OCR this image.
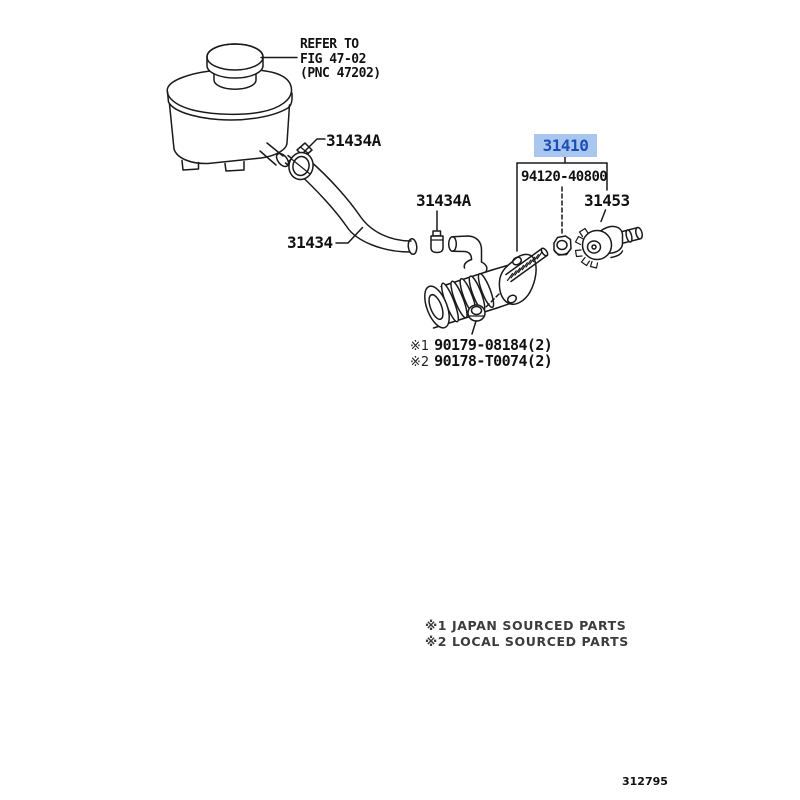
REFER TO
FIG 47-02
(PNC 47202)
31434A
31434
31434A
31410
94120-40800
31453
※1 90179-08184(2)
※2 90178-T0074(2)
※1 JAPAN SOURCED PARTS
※2 LOCAL SOURCED PARTS
312795
